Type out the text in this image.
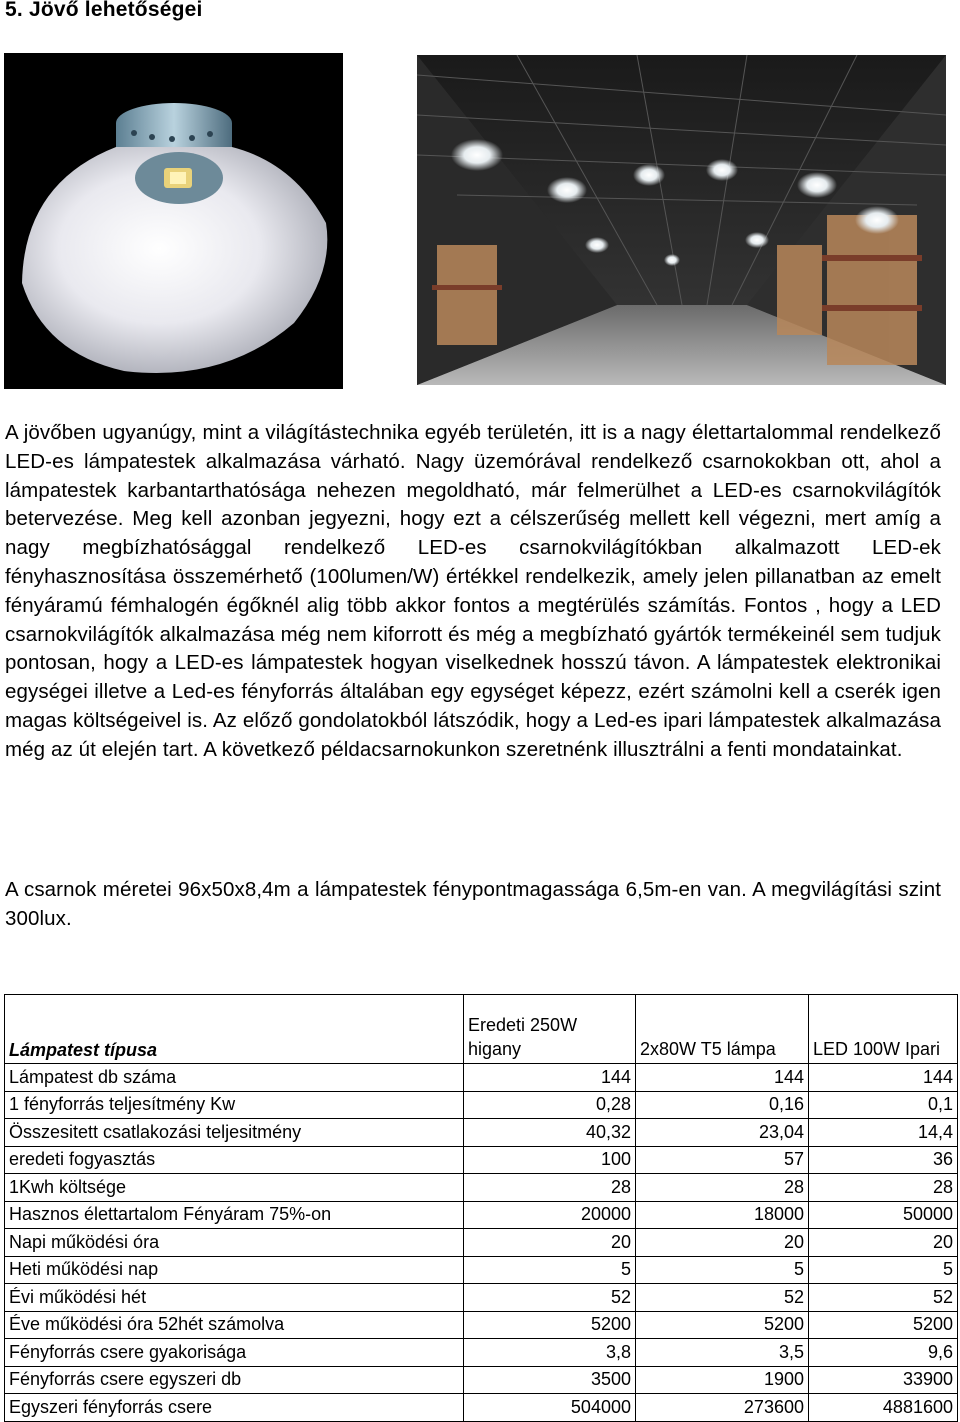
5. Jövő lehetőségei

A jövőben ugyanúgy, mint a világítástechnika egyéb területén, itt is a nagy élettartalommal rendelkező LED-es lámpatestek alkalmazása várható. Nagy üzemórával rendelkező csarnokokban ott, ahol a lámpatestek karbantarthatósága nehezen megoldható, már felmerülhet a LED-es csarnokvilágítók betervezése. Meg kell azonban jegyezni, hogy ezt a célszerűség mellett kell végezni, mert amíg a nagy megbízhatósággal rendelkező LED-es csarnokvilágítókban alkalmazott LED-ek fényhasznosítása összemérhető (100lumen/W) értékkel rendelkezik, amely jelen pillanatban az emelt fényáramú fémhalogén égőknél alig több akkor fontos a megtérülés számítás. Fontos , hogy a LED csarnokvilágítók alkalmazása még nem kiforrott és még a megbízható gyártók termékeinél sem tudjuk pontosan, hogy a LED-es lámpatestek hogyan viselkednek hosszú távon. A lámpatestek elektronikai egységei illetve a Led-es fényforrás általában egy egységet képezz, ezért számolni kell a cserék igen magas költségeivel is. Az előző gondolatokból látszódik, hogy a Led-es ipari lámpatestek alkalmazása még az út elején tart. A következő példacsarnokunkon szeretnénk illusztrálni a fenti mondatainkat.

A csarnok méretei 96x50x8,4m a lámpatestek fénypontmagassága 6,5m-en van. A megvilágítási szint 300lux.

Lámpatest típusa	Eredeti 250W higany	2x80W T5 lámpa	LED 100W Ipari
Lámpatest db száma	144	144	144
1 fényforrás teljesítmény Kw	0,28	0,16	0,1
Összesitett csatlakozási teljesitmény	40,32	23,04	14,4
eredeti fogyasztás	100	57	36
1Kwh költsége	28	28	28
Hasznos élettartalom Fényáram 75%-on	20000	18000	50000
Napi működési óra	20	20	20
Heti működési nap	5	5	5
Évi működési hét	52	52	52
Éve működési óra 52hét számolva	5200	5200	5200
Fényforrás csere gyakorisága	3,8	3,5	9,6
Fényforrás csere egyszeri db	3500	1900	33900
Egyszeri fényforrás csere	504000	273600	4881600
